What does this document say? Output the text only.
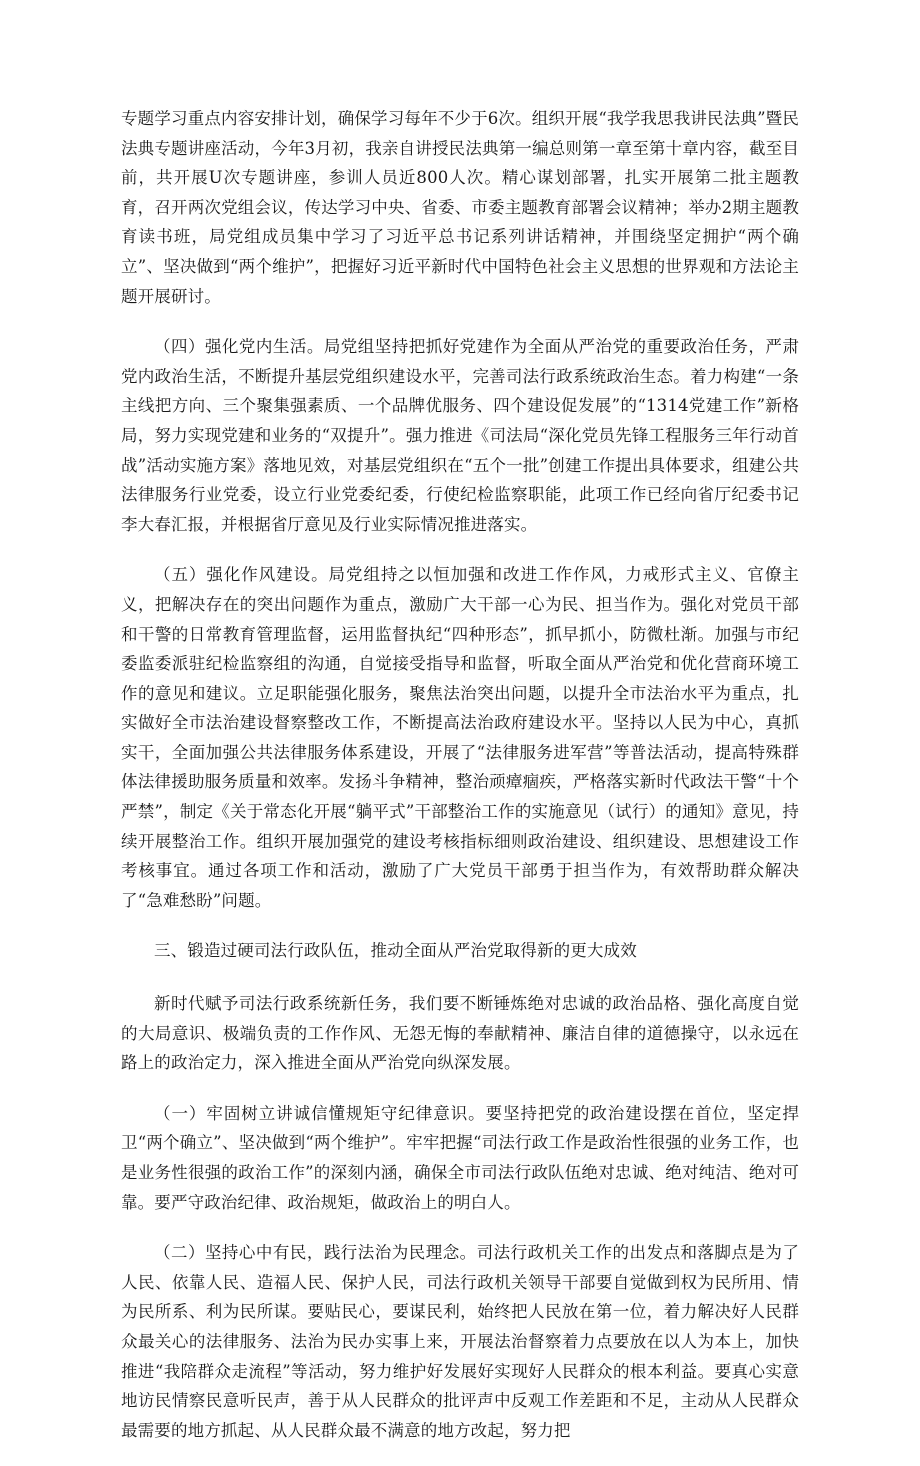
专题学习重点内容安排计划，确保学习每年不少于6次。组织开展“我学我思我讲民法典”暨民法典专题讲座活动，今年3月初，我亲自讲授民法典第一编总则第一章至第十章内容，截至目前，共开展U次专题讲座，参训人员近800人次。精心谋划部署，扎实开展第二批主题教育，召开两次党组会议，传达学习中央、省委、市委主题教育部署会议精神；举办2期主题教育读书班，局党组成员集中学习了习近平总书记系列讲话精神，并围绕坚定拥护“两个确立”、坚决做到“两个维护”，把握好习近平新时代中国特色社会主义思想的世界观和方法论主题开展研讨。

（四）强化党内生活。局党组坚持把抓好党建作为全面从严治党的重要政治任务，严肃党内政治生活，不断提升基层党组织建设水平，完善司法行政系统政治生态。着力构建“一条主线把方向、三个聚集强素质、一个品牌优服务、四个建设促发展”的“1314党建工作”新格局，努力实现党建和业务的“双提升”。强力推进《司法局“深化党员先锋工程服务三年行动首战”活动实施方案》落地见效，对基层党组织在“五个一批”创建工作提出具体要求，组建公共法律服务行业党委，设立行业党委纪委，行使纪检监察职能，此项工作已经向省厅纪委书记李大春汇报，并根据省厅意见及行业实际情况推进落实。

（五）强化作风建设。局党组持之以恒加强和改进工作作风，力戒形式主义、官僚主义，把解决存在的突出问题作为重点，激励广大干部一心为民、担当作为。强化对党员干部和干警的日常教育管理监督，运用监督执纪“四种形态”，抓早抓小，防微杜渐。加强与市纪委监委派驻纪检监察组的沟通，自觉接受指导和监督，听取全面从严治党和优化营商环境工作的意见和建议。立足职能强化服务，聚焦法治突出问题，以提升全市法治水平为重点，扎实做好全市法治建设督察整改工作，不断提高法治政府建设水平。坚持以人民为中心，真抓实干，全面加强公共法律服务体系建设，开展了“法律服务进军营”等普法活动，提高特殊群体法律援助服务质量和效率。发扬斗争精神，整治顽瘴痼疾，严格落实新时代政法干警“十个严禁”，制定《关于常态化开展“躺平式”干部整治工作的实施意见（试行）的通知》意见，持续开展整治工作。组织开展加强党的建设考核指标细则政治建设、组织建设、思想建设工作考核事宜。通过各项工作和活动，激励了广大党员干部勇于担当作为，有效帮助群众解决了“急难愁盼”问题。

三、锻造过硬司法行政队伍，推动全面从严治党取得新的更大成效

新时代赋予司法行政系统新任务，我们要不断锤炼绝对忠诚的政治品格、强化高度自觉的大局意识、极端负责的工作作风、无怨无悔的奉献精神、廉洁自律的道德操守，以永远在路上的政治定力，深入推进全面从严治党向纵深发展。

（一）牢固树立讲诚信懂规矩守纪律意识。要坚持把党的政治建设摆在首位，坚定捍卫“两个确立”、坚决做到“两个维护”。牢牢把握“司法行政工作是政治性很强的业务工作，也是业务性很强的政治工作”的深刻内涵，确保全市司法行政队伍绝对忠诚、绝对纯洁、绝对可靠。要严守政治纪律、政治规矩，做政治上的明白人。

（二）坚持心中有民，践行法治为民理念。司法行政机关工作的出发点和落脚点是为了人民、依靠人民、造福人民、保护人民，司法行政机关领导干部要自觉做到权为民所用、情为民所系、利为民所谋。要贴民心，要谋民利，始终把人民放在第一位，着力解决好人民群众最关心的法律服务、法治为民办实事上来，开展法治督察着力点要放在以人为本上，加快推进“我陪群众走流程”等活动，努力维护好发展好实现好人民群众的根本利益。要真心实意地访民情察民意听民声，善于从人民群众的批评声中反观工作差距和不足，主动从人民群众最需要的地方抓起、从人民群众最不满意的地方改起，努力把
